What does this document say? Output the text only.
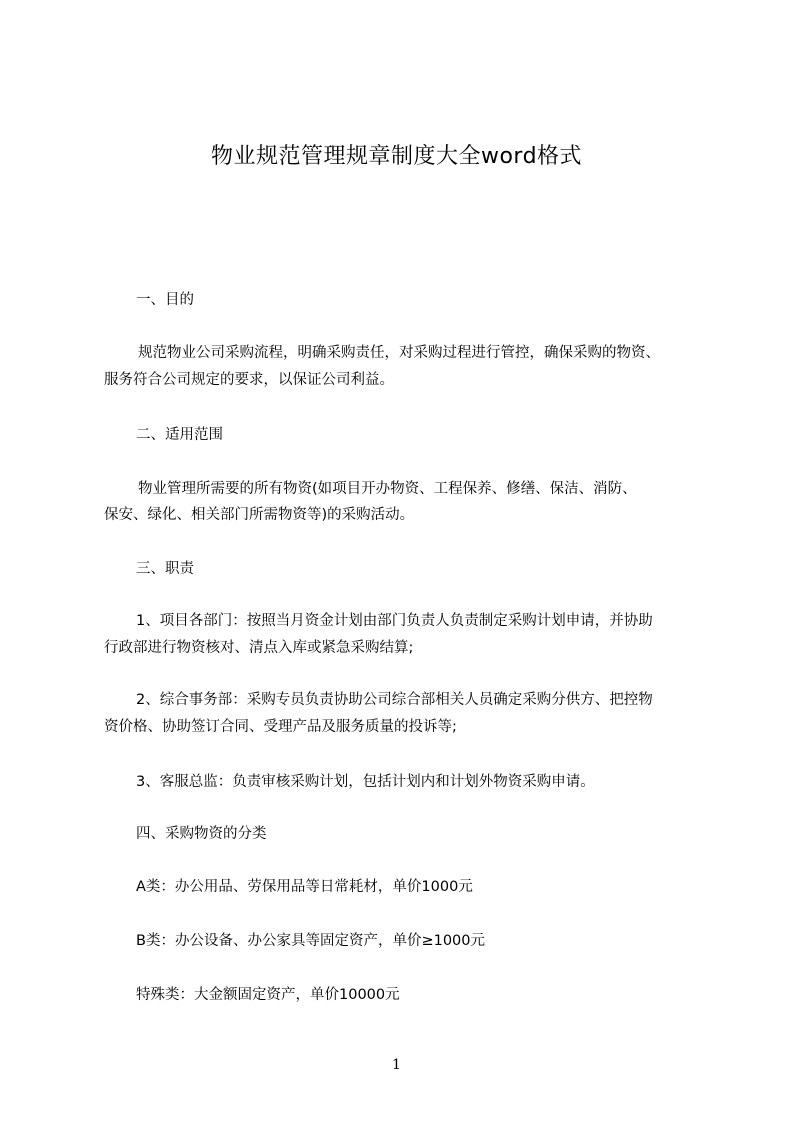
物业规范管理规章制度大全word格式
一、目的
规范物业公司采购流程，明确采购责任，对采购过程进行管控，确保采购的物资、
服务符合公司规定的要求，以保证公司利益。
二、适用范围
物业管理所需要的所有物资(如项目开办物资、工程保养、修缮、保洁、消防、
保安、绿化、相关部门所需物资等)的采购活动。
三、职责
1、项目各部门：按照当月资金计划由部门负责人负责制定采购计划申请，并协助
行政部进行物资核对、清点入库或紧急采购结算;
2、综合事务部：采购专员负责协助公司综合部相关人员确定采购分供方、把控物
资价格、协助签订合同、受理产品及服务质量的投诉等;
3、客服总监：负责审核采购计划，包括计划内和计划外物资采购申请。
四、采购物资的分类
A类：办公用品、劳保用品等日常耗材，单价1000元
B类：办公设备、办公家具等固定资产，单价≥1000元
特殊类：大金额固定资产，单价10000元
1
